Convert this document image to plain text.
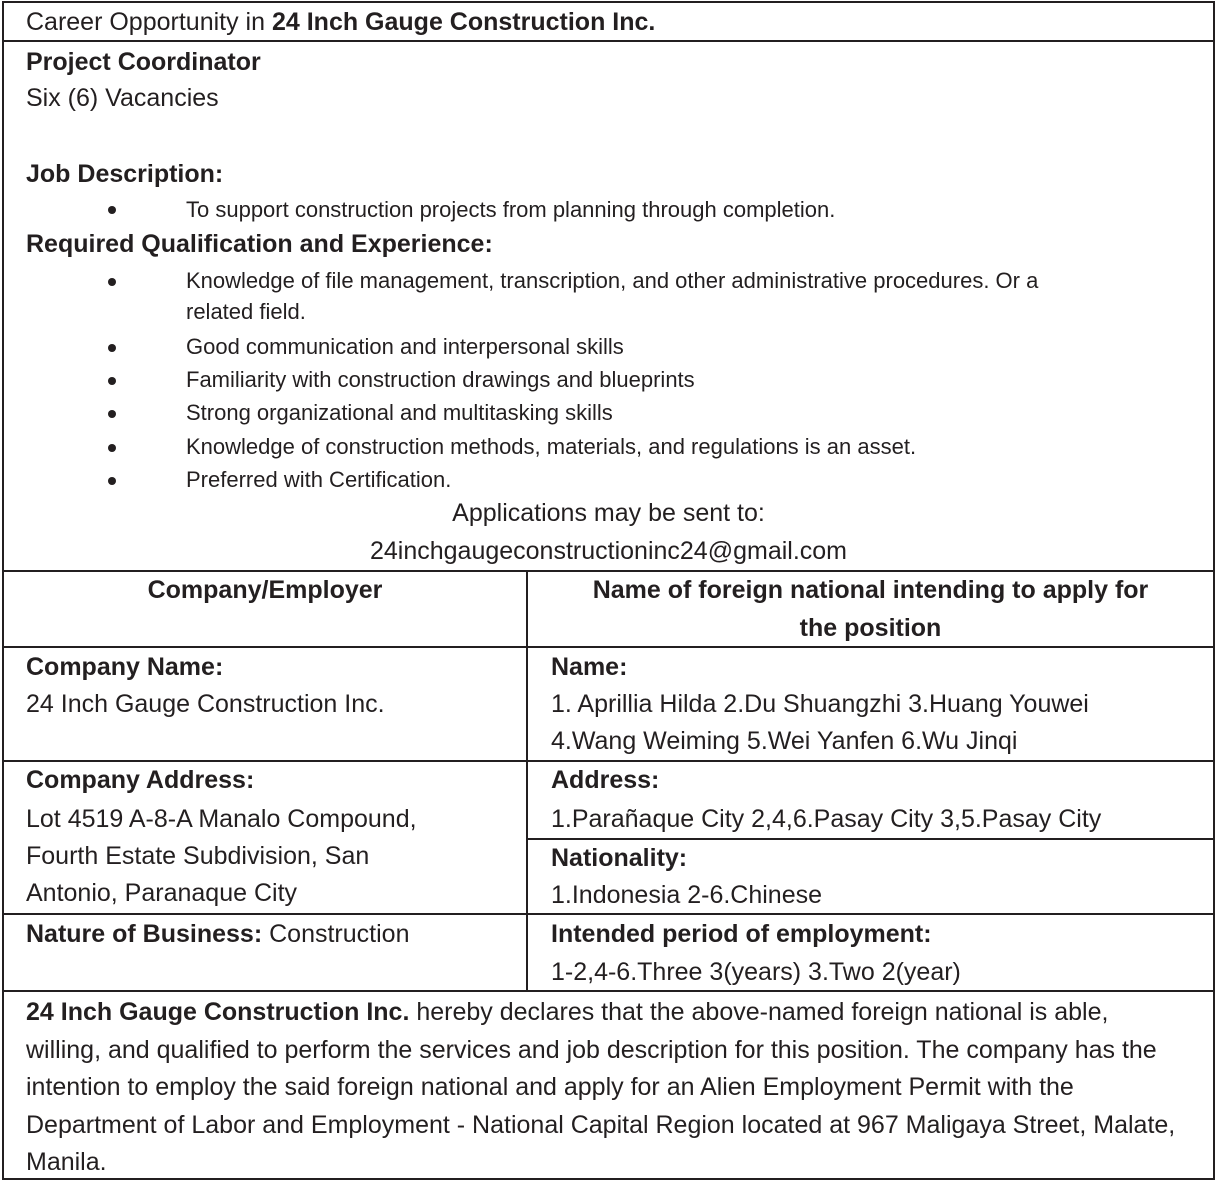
Career Opportunity in 24 Inch Gauge Construction Inc.
Project Coordinator
Six (6) Vacancies
Job Description:
To support construction projects from planning through completion.
Required Qualification and Experience:
Knowledge of file management, transcription, and other administrative procedures. Or a
related field.
Good communication and interpersonal skills
Familiarity with construction drawings and blueprints
Strong organizational and multitasking skills
Knowledge of construction methods, materials, and regulations is an asset.
Preferred with Certification.
Applications may be sent to:
24inchgaugeconstructioninc24@gmail.com
Company/Employer	Name of foreign national intending to apply for
the position
Company Name:
24 Inch Gauge Construction Inc.
Name:
1. Aprillia Hilda 2.Du Shuangzhi 3.Huang Youwei
4.Wang Weiming 5.Wei Yanfen 6.Wu Jinqi
Company Address:
Lot 4519 A-8-A Manalo Compound,
Fourth Estate Subdivision, San
Antonio, Paranaque City
Address:
1.Parañaque City 2,4,6.Pasay City 3,5.Pasay City
Nationality:
1.Indonesia 2-6.Chinese
Nature of Business: Construction	Intended period of employment:
1-2,4-6.Three 3(years) 3.Two 2(year)
24 Inch Gauge Construction Inc. hereby declares that the above-named foreign national is able, willing, and qualified to perform the services and job description for this position. The company has the intention to employ the said foreign national and apply for an Alien Employment Permit with the Department of Labor and Employment - National Capital Region located at 967 Maligaya Street, Malate, Manila.
